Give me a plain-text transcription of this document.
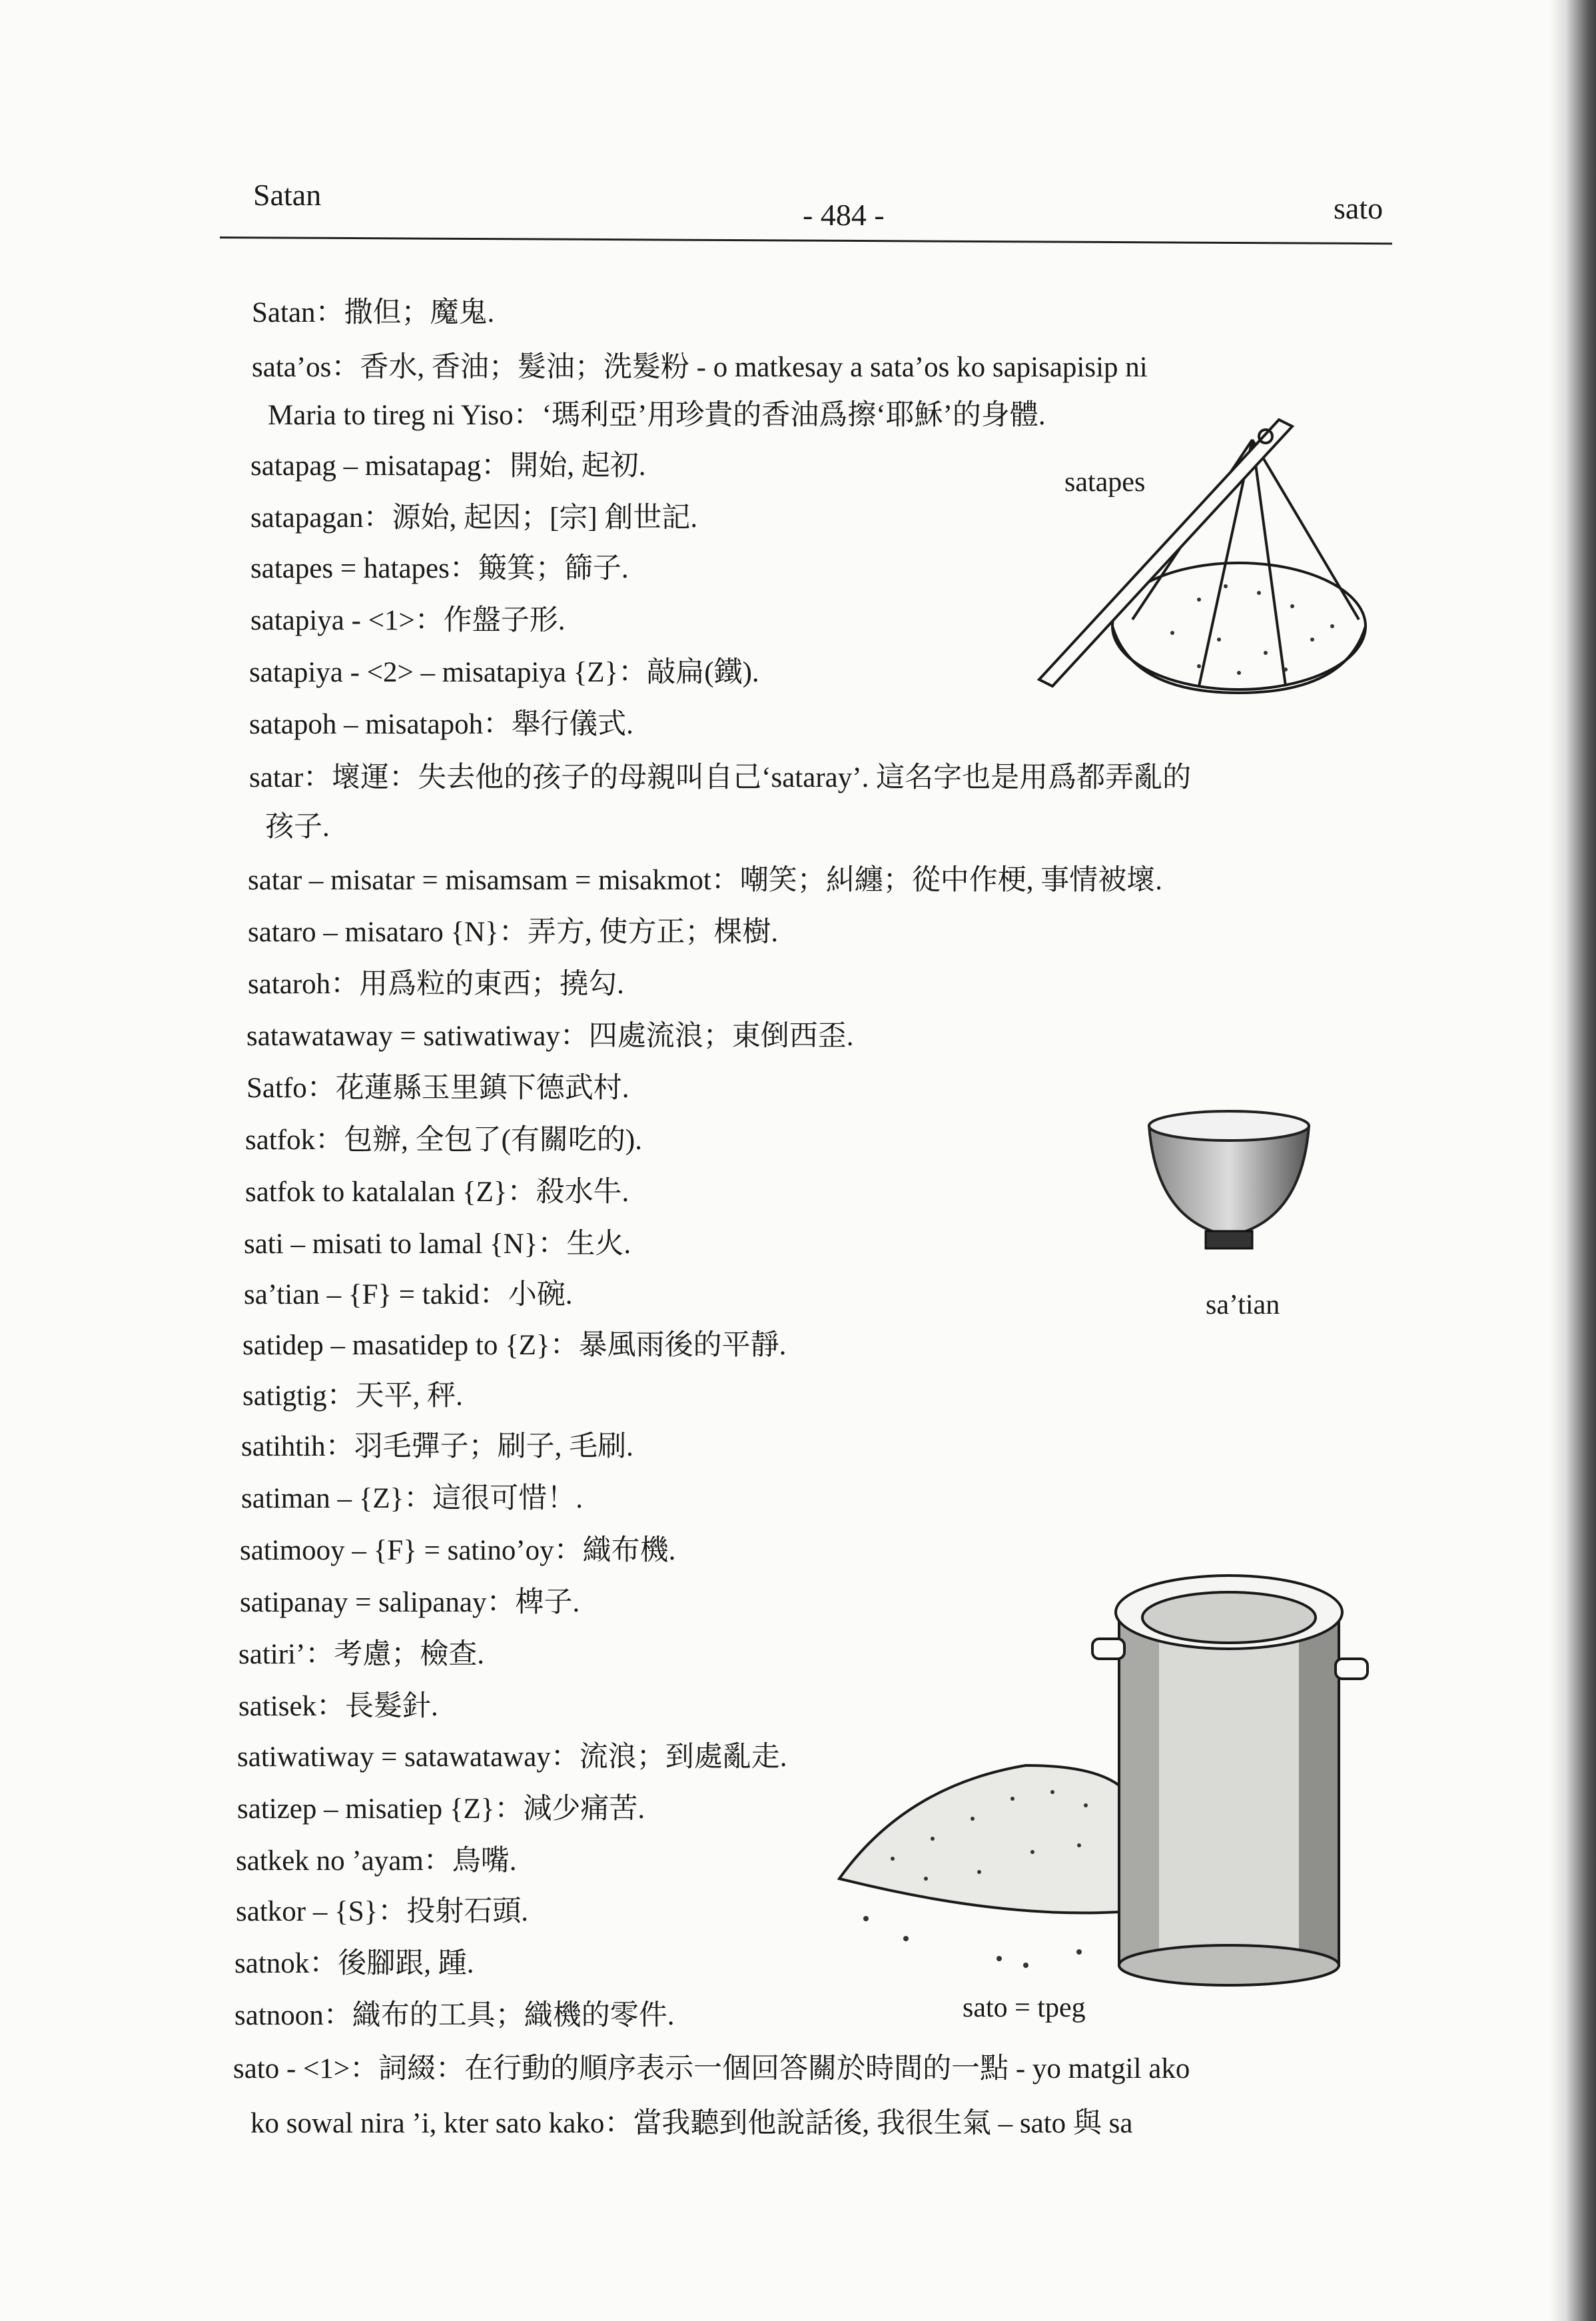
Satan
- 484 -	sato
Satan：撒但；魔鬼.
sata’os：香水, 香油；髮油；洗髮粉 - o matkesay a sata’os ko sapisapisip ni
Maria to tireg ni Yiso：‘瑪利亞’用珍貴的香油爲擦‘耶穌’的身體.
satapag – misatapag：開始, 起初.
satapagan：源始, 起因；[宗] 創世記.
satapes = hatapes：簸箕；篩子.
satapiya - <1>：作盤子形.
satapiya - <2> – misatapiya {Z}：敲扁(鐵).
satapoh – misatapoh：舉行儀式.
satar：壞運：失去他的孩子的母親叫自己‘sataray’. 這名字也是用爲都弄亂的
孩子.
satar – misatar = misamsam = misakmot：嘲笑；糾纏；從中作梗, 事情被壞.
sataro – misataro {N}：弄方, 使方正；棵樹.
sataroh：用爲粒的東西；撓勾.
satawataway = satiwatiway：四處流浪；東倒西歪.
Satfo：花蓮縣玉里鎮下德武村.
satfok：包辦, 全包了(有關吃的).
satfok to katalalan {Z}：殺水牛.
sati – misati to lamal {N}：生火.
sa’tian – {F} = takid：小碗.
satidep – masatidep to {Z}：暴風雨後的平靜.
satigtig：天平, 秤.
satihtih：羽毛彈子；刷子, 毛刷.
satiman – {Z}：這很可惜！.
satimooy – {F} = satino’oy：織布機.
satipanay = salipanay：椑子.
satiri’：考慮；檢查.
satisek：長髮針.
satiwatiway = satawataway：流浪；到處亂走.
satizep – misatiep {Z}：減少痛苦.
satkek no ’ayam：鳥嘴.
satkor – {S}：投射石頭.
satnok：後腳跟, 踵.
satnoon：織布的工具；織機的零件.
sato - <1>：詞綴：在行動的順序表示一個回答關於時間的一點 - yo matgil ako
ko sowal nira ’i, kter sato kako：當我聽到他說話後, 我很生氣 – sato 與 sa
satapes
sa’tian
sato = tpeg
